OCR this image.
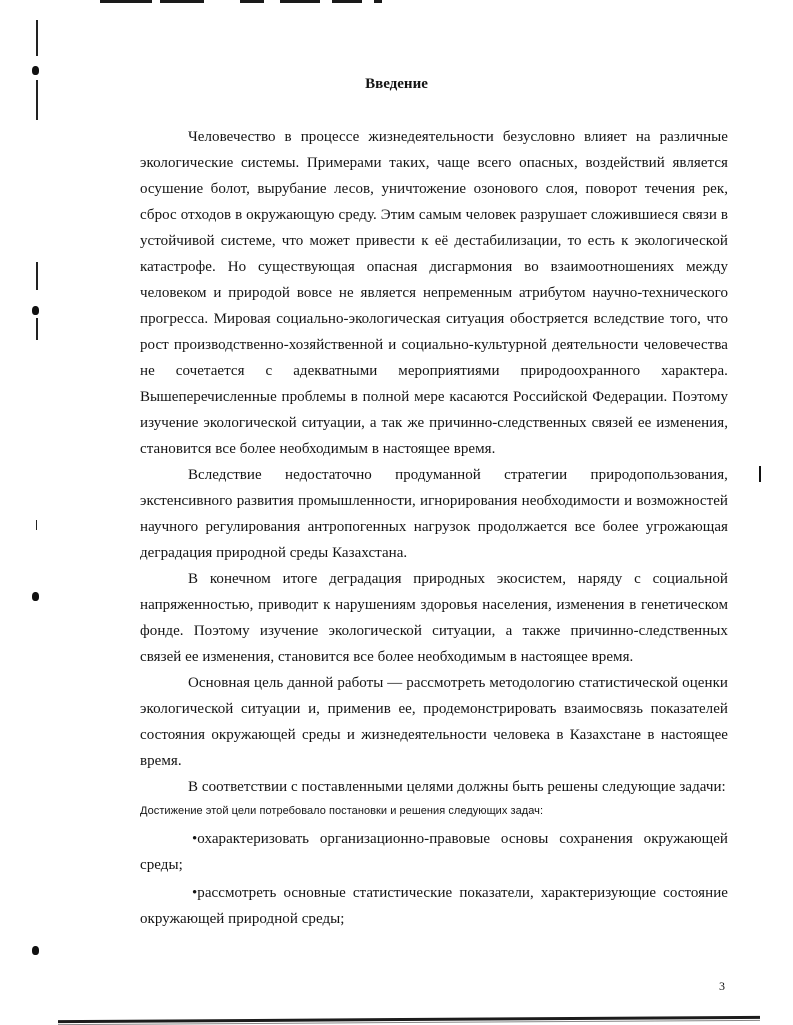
Введение

Человечество в процессе жизнедеятельности безусловно влияет на различные экологические системы. Примерами таких, чаще всего опасных, воздействий является осушение болот, вырубание лесов, уничтожение озонового слоя, поворот течения рек, сброс отходов в окружающую среду. Этим самым человек разрушает сложившиеся связи в устойчивой системе, что может привести к её дестабилизации, то есть к экологической катастрофе. Но существующая опасная дисгармония во взаимоотношениях между человеком и природой вовсе не является непременным атрибутом научно-технического прогресса. Мировая социально-экологическая ситуация обостряется вследствие того, что рост производственно-хозяйственной и социально-культурной деятельности человечества не сочетается с адекватными мероприятиями природоохранного характера. Вышеперечисленные проблемы в полной мере касаются Российской Федерации. Поэтому изучение экологической ситуации, а так же причинно-следственных связей ее изменения, становится все более необходимым в настоящее время.

Вследствие недостаточно продуманной стратегии природопользования, экстенсивного развития промышленности, игнорирования необходимости и возможностей научного регулирования антропогенных нагрузок продолжается все более угрожающая деградация природной среды Казахстана.

В конечном итоге деградация природных экосистем, наряду с социальной напряженностью, приводит к нарушениям здоровья населения, изменения в генетическом фонде. Поэтому изучение экологической ситуации, а также причинно-следственных связей ее изменения, становится все более необходимым в настоящее время.

Основная цель данной работы — рассмотреть методологию статистической оценки экологической ситуации и, применив ее, продемонстрировать взаимосвязь показателей состояния окружающей среды и жизнедеятельности человека в Казахстане в настоящее время.

В соответствии с поставленными целями должны быть решены следующие задачи:

Достижение этой цели потребовало постановки и решения следующих задач:

•охарактеризовать организационно-правовые основы сохранения окружающей среды;

•рассмотреть основные статистические показатели, характеризующие состояние окружающей природной среды;

3
